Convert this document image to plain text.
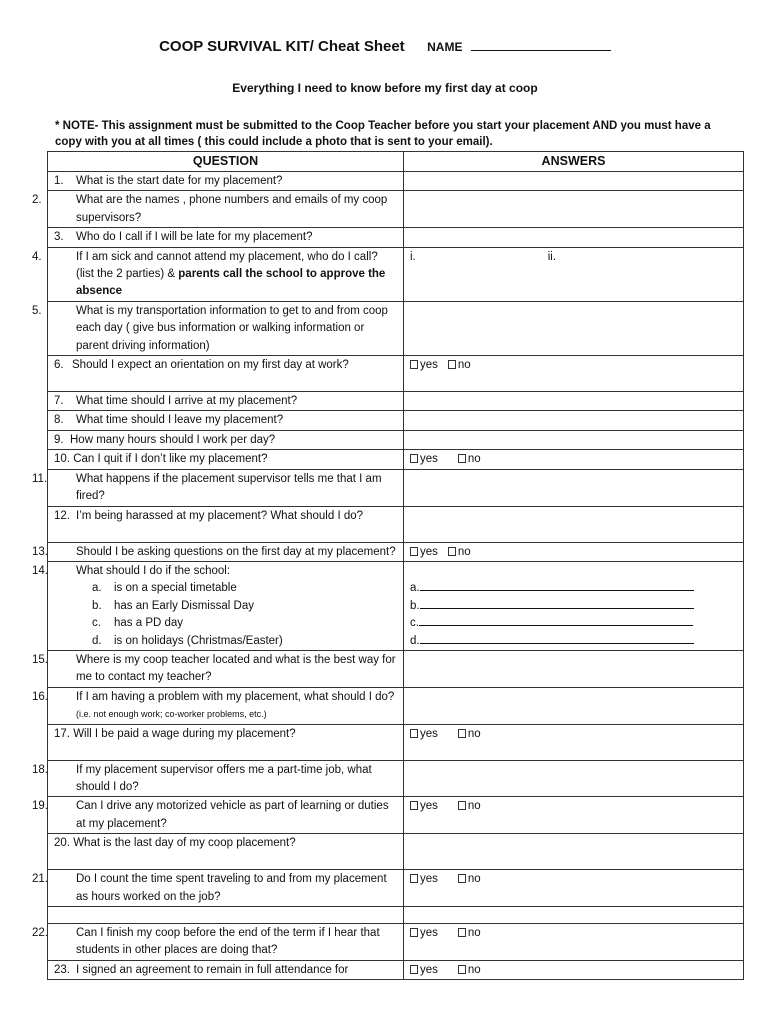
COOP SURVIVAL KIT/ Cheat Sheet NAME
Everything I need to know before my first day at coop
* NOTE- This assignment must be submitted to the Coop Teacher before you start your placement AND you must have a copy with you at all times ( this could include a photo that is sent to your email).
QUESTION	ANSWERS
1. What is the start date for my placement?	

2. What are the names , phone numbers and emails of my coop supervisors?	

3. Who do I call if I will be late for my placement?	

4. If I am sick and cannot attend my placement, who do I call? (list the 2 parties) & parents call the school to approve the absence	i. ii.

5. What is my transportation information to get to and from coop each day ( give bus information or walking information or parent driving information)	

6. Should I expect an orientation on my first day at work?	yes no
7. What time should I arrive at my placement?	
8. What time should I leave my placement?	
9. How many hours should I work per day?	
10. Can I quit if I don’t like my placement?	yes no

11. What happens if the placement supervisor tells me that I am fired?	

12. I’m being harassed at my placement? What should I do?	

13. Should I be asking questions on the first day at my placement?	yes no

14. What should I do if the school:
a. is on a special timetable
b. has an Early Dismissal Day
c. has a PD day
d. is on holidays (Christmas/Easter)	a.
b.
c.
d.

15. Where is my coop teacher located and what is the best way for me to contact my teacher?	

16. If I am having a problem with my placement, what should I do? (i.e. not enough work; co-worker problems, etc.)	

17. Will I be paid a wage during my placement?	yes no

18. If my placement supervisor offers me a part-time job, what should I do?	

19. Can I drive any motorized vehicle as part of learning or duties at my placement?	yes no
20. What is the last day of my coop placement?	

21. Do I count the time spent traveling to and from my placement as hours worked on the job?	yes no

22. Can I finish my coop before the end of the term if I hear that students in other places are doing that?	yes no
23. I signed an agreement to remain in full attendance for	yes no
